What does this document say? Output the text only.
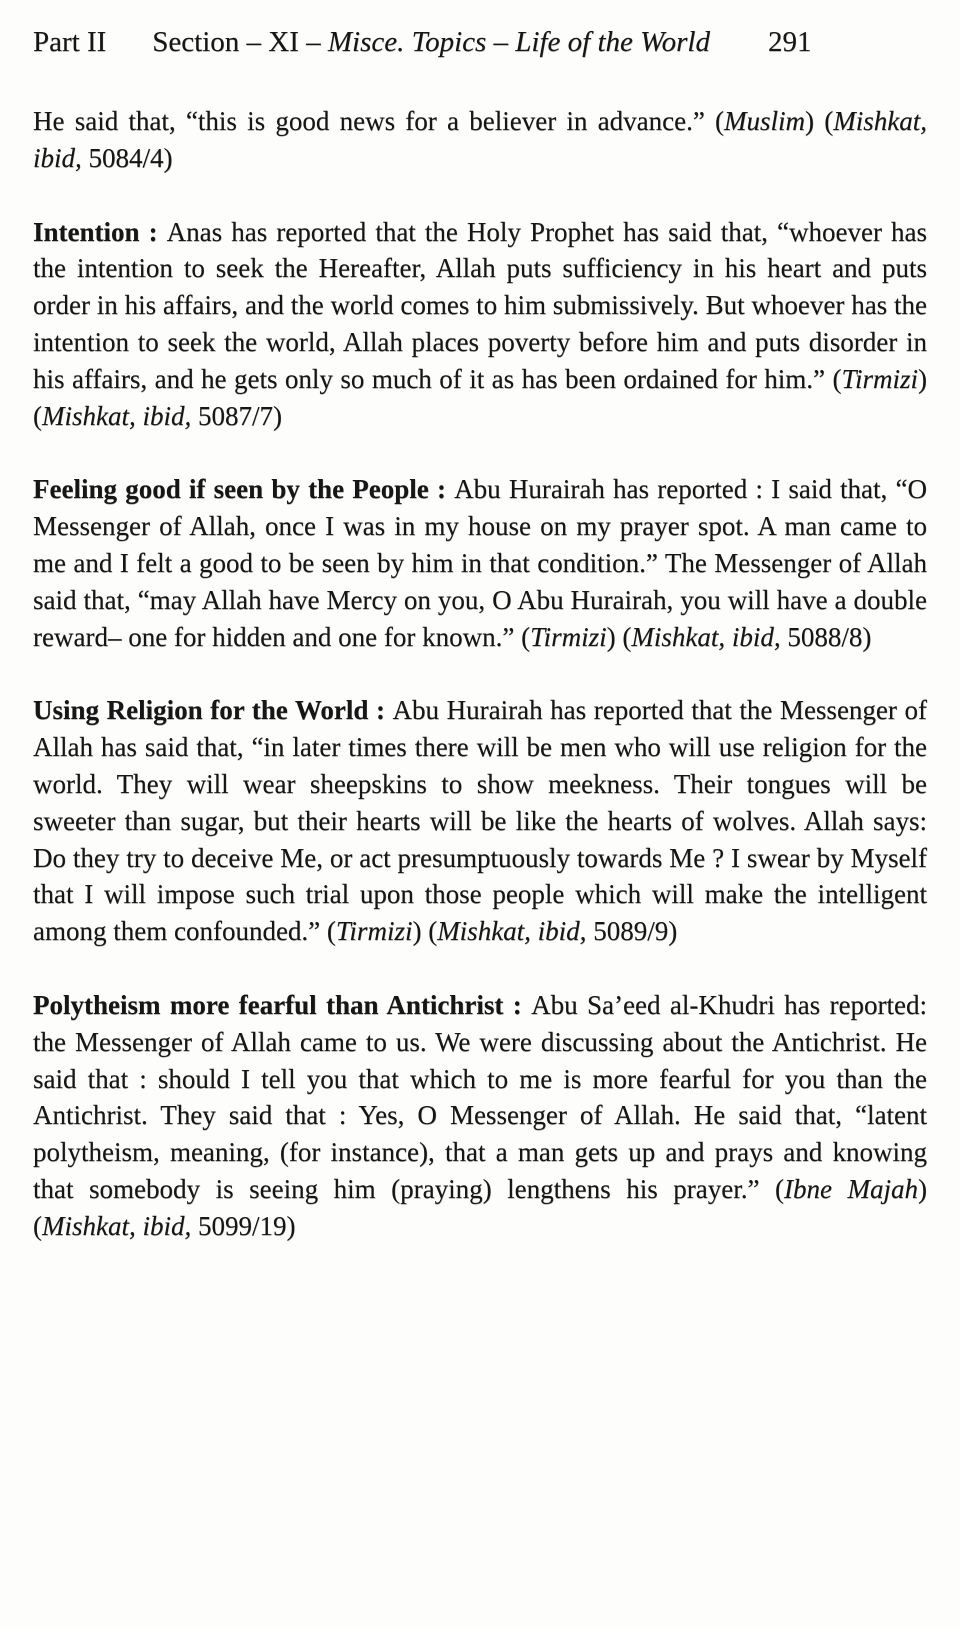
Part II Section – XI – Misce. Topics – Life of the World 291

He said that, “this is good news for a believer in advance.” (Muslim) (Mishkat, ibid, 5084/4)

Intention : Anas has reported that the Holy Prophet has said that, “whoever has the intention to seek the Hereafter, Allah puts sufficiency in his heart and puts order in his affairs, and the world comes to him submissively. But whoever has the intention to seek the world, Allah places poverty before him and puts disorder in his affairs, and he gets only so much of it as has been ordained for him.” (Tirmizi) (Mishkat, ibid, 5087/7)

Feeling good if seen by the People : Abu Hurairah has reported : I said that, “O Messenger of Allah, once I was in my house on my prayer spot. A man came to me and I felt a good to be seen by him in that condition.” The Messenger of Allah said that, “may Allah have Mercy on you, O Abu Hurairah, you will have a double reward– one for hidden and one for known.” (Tirmizi) (Mishkat, ibid, 5088/8)

Using Religion for the World : Abu Hurairah has reported that the Messenger of Allah has said that, “in later times there will be men who will use religion for the world. They will wear sheepskins to show meekness. Their tongues will be sweeter than sugar, but their hearts will be like the hearts of wolves. Allah says: Do they try to deceive Me, or act presumptuously towards Me ? I swear by Myself that I will impose such trial upon those people which will make the intelligent among them confounded.” (Tirmizi) (Mishkat, ibid, 5089/9)

Polytheism more fearful than Antichrist : Abu Sa’eed al-Khudri has reported: the Messenger of Allah came to us. We were discussing about the Antichrist. He said that : should I tell you that which to me is more fearful for you than the Antichrist. They said that : Yes, O Messenger of Allah. He said that, “latent polytheism, meaning, (for instance), that a man gets up and prays and knowing that somebody is seeing him (praying) lengthens his prayer.” (Ibne Majah) (Mishkat, ibid, 5099/19)
